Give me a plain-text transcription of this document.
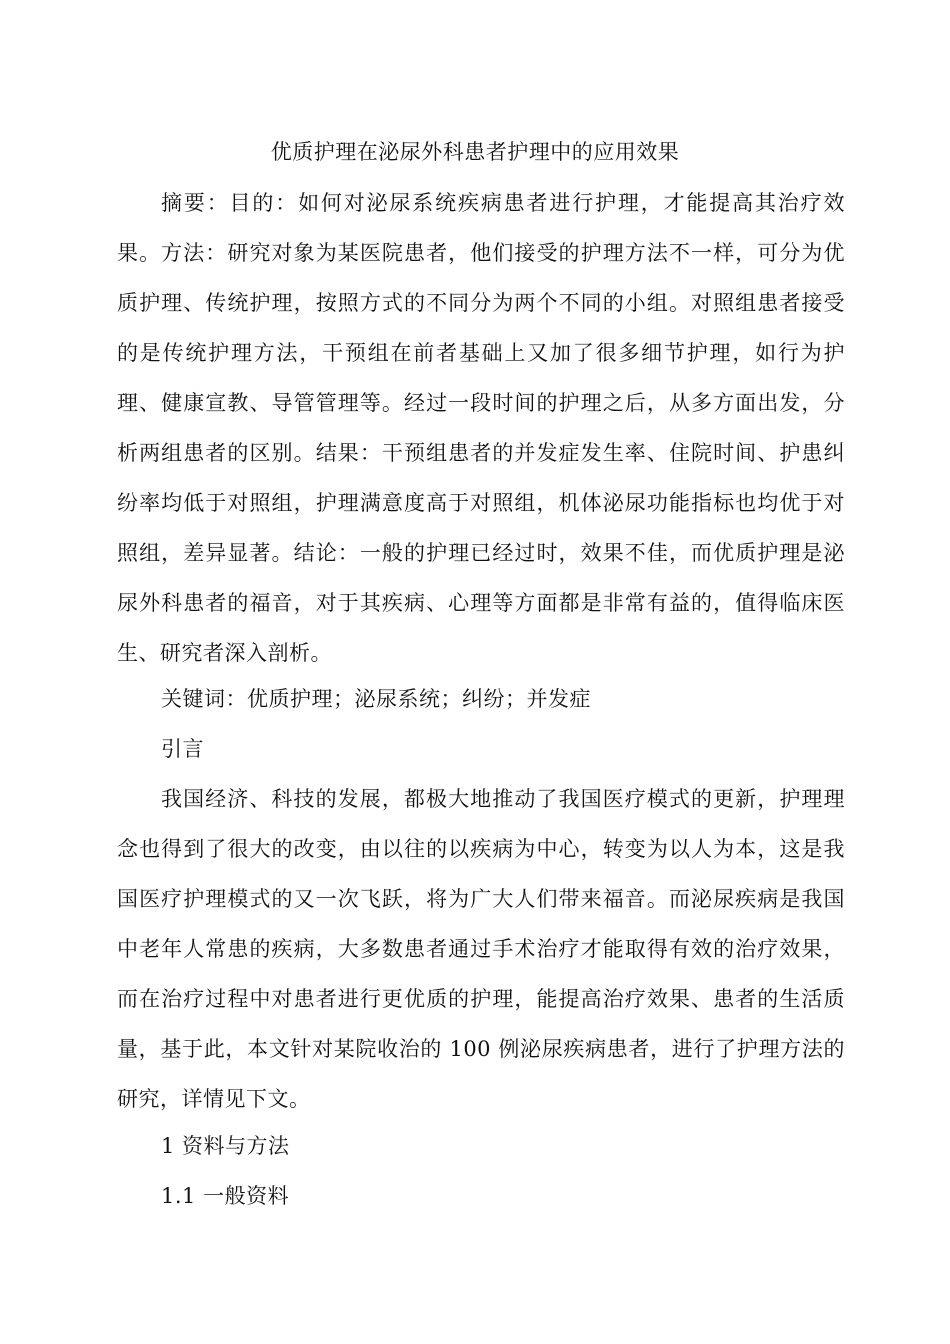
优质护理在泌尿外科患者护理中的应用效果

摘要：目的：如何对泌尿系统疾病患者进行护理，才能提高其治疗效果。方法：研究对象为某医院患者，他们接受的护理方法不一样，可分为优质护理、传统护理，按照方式的不同分为两个不同的小组。对照组患者接受的是传统护理方法，干预组在前者基础上又加了很多细节护理，如行为护理、健康宣教、导管管理等。经过一段时间的护理之后，从多方面出发，分析两组患者的区别。结果：干预组患者的并发症发生率、住院时间、护患纠纷率均低于对照组，护理满意度高于对照组，机体泌尿功能指标也均优于对照组，差异显著。结论：一般的护理已经过时，效果不佳，而优质护理是泌尿外科患者的福音，对于其疾病、心理等方面都是非常有益的，值得临床医生、研究者深入剖析。

关键词：优质护理；泌尿系统；纠纷；并发症

引言

我国经济、科技的发展，都极大地推动了我国医疗模式的更新，护理理念也得到了很大的改变，由以往的以疾病为中心，转变为以人为本，这是我国医疗护理模式的又一次飞跃，将为广大人们带来福音。而泌尿疾病是我国中老年人常患的疾病，大多数患者通过手术治疗才能取得有效的治疗效果，而在治疗过程中对患者进行更优质的护理，能提高治疗效果、患者的生活质量，基于此，本文针对某院收治的 100 例泌尿疾病患者，进行了护理方法的研究，详情见下文。

1 资料与方法

1.1 一般资料
